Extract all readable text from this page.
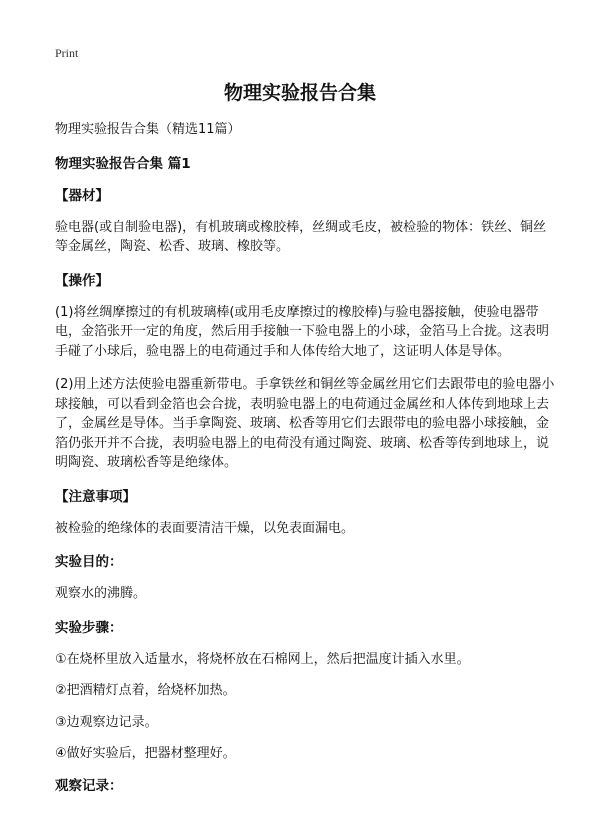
Print
物理实验报告合集

物理实验报告合集（精选11篇）

物理实验报告合集 篇1

【器材】

验电器(或自制验电器)，有机玻璃或橡胶棒，丝绸或毛皮，被检验的物体：铁丝、铜丝等金属丝，陶瓷、松香、玻璃、橡胶等。

【操作】

(1)将丝绸摩擦过的有机玻璃棒(或用毛皮摩擦过的橡胶棒)与验电器接触，使验电器带电，金箔张开一定的角度，然后用手接触一下验电器上的小球，金箔马上合拢。这表明手碰了小球后，验电器上的电荷通过手和人体传给大地了，这证明人体是导体。

(2)用上述方法使验电器重新带电。手拿铁丝和铜丝等金属丝用它们去跟带电的验电器小球接触，可以看到金箔也会合拢，表明验电器上的电荷通过金属丝和人体传到地球上去了，金属丝是导体。当手拿陶瓷、玻璃、松香等用它们去跟带电的验电器小球接触，金箔仍张开并不合拢，表明验电器上的电荷没有通过陶瓷、玻璃、松香等传到地球上，说明陶瓷、玻璃松香等是绝缘体。

【注意事项】

被检验的绝缘体的表面要清洁干燥，以免表面漏电。

实验目的：

观察水的沸腾。

实验步骤：

①在烧杯里放入适量水，将烧杯放在石棉网上，然后把温度计插入水里。

②把酒精灯点着，给烧杯加热。

③边观察边记录。

④做好实验后，把器材整理好。

观察记录：
